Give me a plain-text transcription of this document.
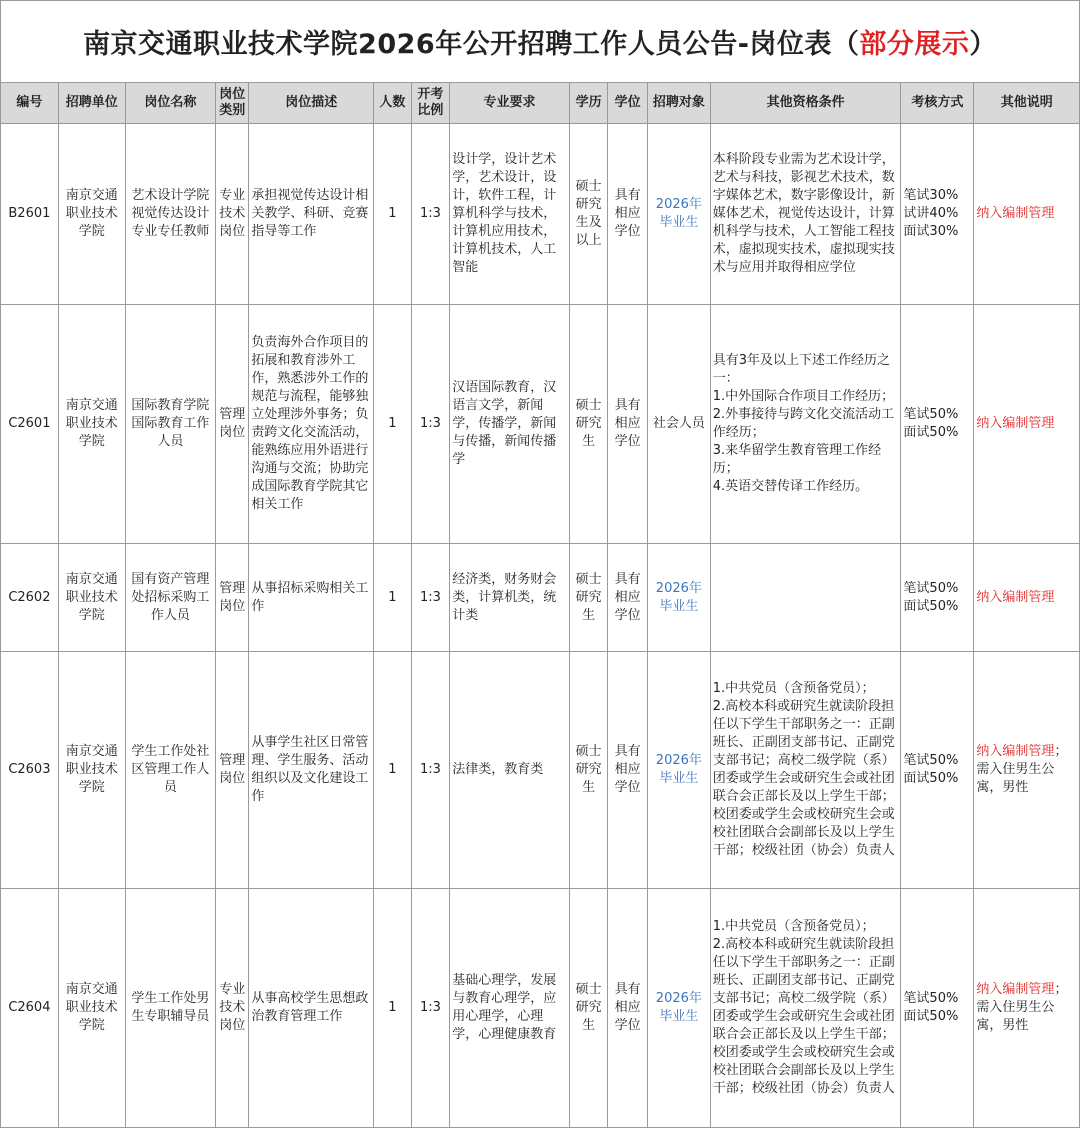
南京交通职业技术学院2026年公开招聘工作人员公告-岗位表（ 部分展示 ）
编号	招聘单位	岗位名称	岗位类别	岗位描述	人数	开考比例	专业要求	学历	学位	招聘对象	其他资格条件	考核方式	其他说明
B2601	南京交通职业技术学院	艺术设计学院视觉传达设计专业专任教师	专业技术岗位	承担视觉传达设计相关教学、科研、竞赛指导等工作	1	1:3	设计学，设计艺术学，艺术设计，设计，软件工程，计算机科学与技术，计算机应用技术，计算机技术，人工智能	硕士研究生及以上	具有相应学位	2026年毕业生	本科阶段专业需为艺术设计学，艺术与科技，影视艺术技术，数字媒体艺术，数字影像设计，新媒体艺术，视觉传达设计，计算机科学与技术，人工智能工程技术，虚拟现实技术，虚拟现实技术与应用并取得相应学位	笔试30%
试讲40%
面试30%	纳入编制管理
C2601	南京交通职业技术学院	国际教育学院国际教育工作人员	管理岗位	负责海外合作项目的拓展和教育涉外工作，熟悉涉外工作的规范与流程，能够独立处理涉外事务；负责跨文化交流活动，能熟练应用外语进行沟通与交流；协助完成国际教育学院其它相关工作	1	1:3	汉语国际教育，汉语言文学，新闻学，传播学，新闻与传播，新闻传播学	硕士研究生	具有相应学位	社会人员	具有3年及以上下述工作经历之一：
1.中外国际合作项目工作经历；
2.外事接待与跨文化交流活动工作经历；
3.来华留学生教育管理工作经历；
4.英语交替传译工作经历。	笔试50%
面试50%	纳入编制管理
C2602	南京交通职业技术学院	国有资产管理处招标采购工作人员	管理岗位	从事招标采购相关工作	1	1:3	经济类，财务财会类，计算机类，统计类	硕士研究生	具有相应学位	2026年毕业生		笔试50%
面试50%	纳入编制管理
C2603	南京交通职业技术学院	学生工作处社区管理工作人员	管理岗位	从事学生社区日常管理、学生服务、活动组织以及文化建设工作	1	1:3	法律类，教育类	硕士研究生	具有相应学位	2026年毕业生	1.中共党员（含预备党员）；
2.高校本科或研究生就读阶段担任以下学生干部职务之一：正副班长、正副团支部书记、正副党支部书记；高校二级学院（系）团委或学生会或研究生会或社团联合会正部长及以上学生干部；校团委或学生会或校研究生会或校社团联合会副部长及以上学生干部；校级社团（协会）负责人	笔试50%
面试50%	纳入编制管理；需入住男生公寓，男性
C2604	南京交通职业技术学院	学生工作处男生专职辅导员	专业技术岗位	从事高校学生思想政治教育管理工作	1	1:3	基础心理学，发展与教育心理学，应用心理学，心理学，心理健康教育	硕士研究生	具有相应学位	2026年毕业生	1.中共党员（含预备党员）；
2.高校本科或研究生就读阶段担任以下学生干部职务之一：正副班长、正副团支部书记、正副党支部书记；高校二级学院（系）团委或学生会或研究生会或社团联合会正部长及以上学生干部；校团委或学生会或校研究生会或校社团联合会副部长及以上学生干部；校级社团（协会）负责人	笔试50%
面试50%	纳入编制管理；需入住男生公寓，男性
